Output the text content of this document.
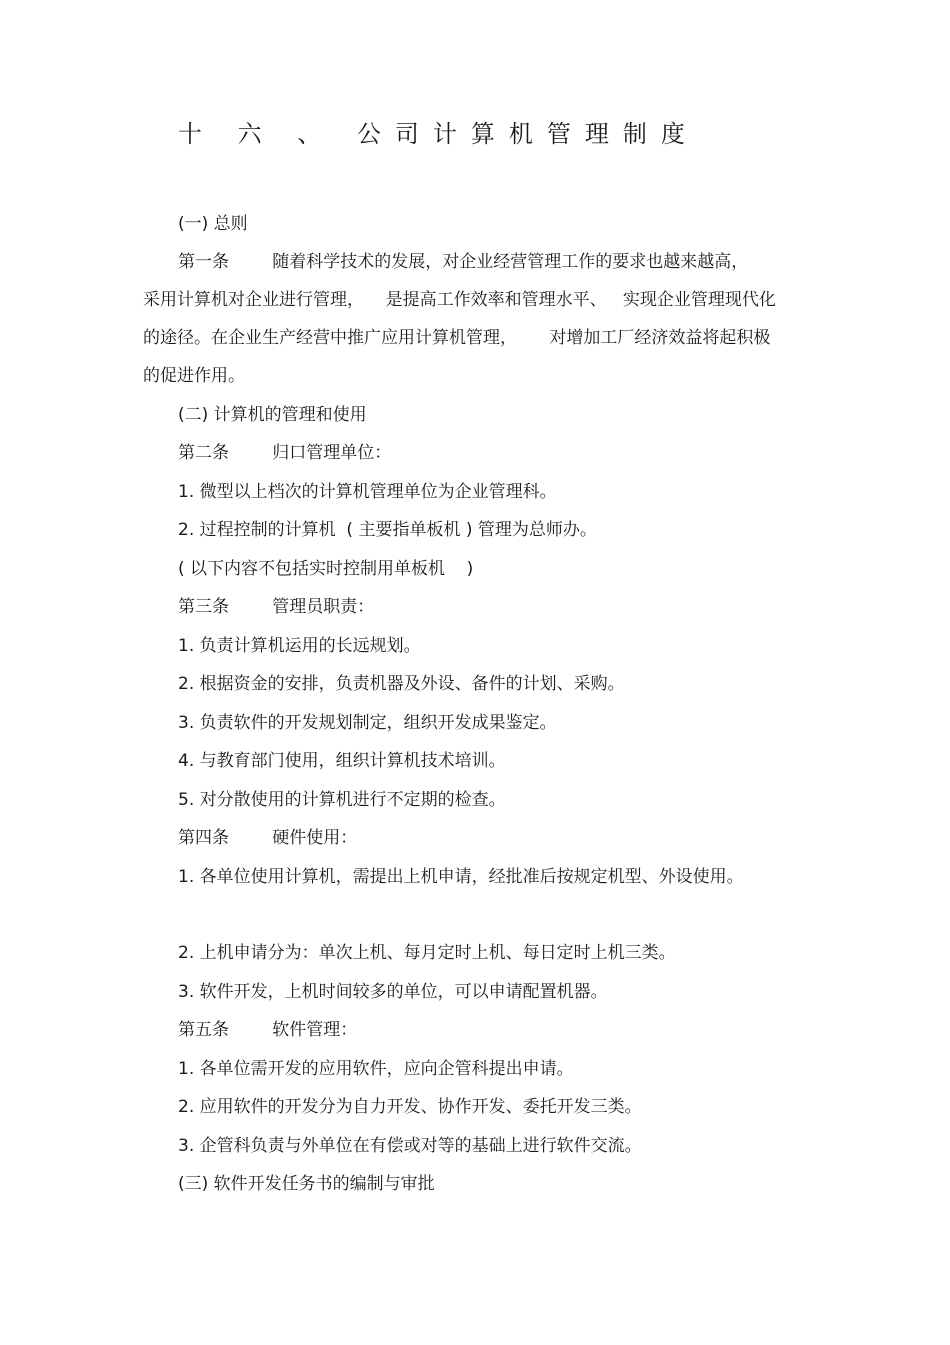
十 六 、 公司计算机管理制度
(一) 总则
第一条        随着科学技术的发展，对企业经营管理工作的要求也越来越高，
采用计算机对企业进行管理，    是提高工作效率和管理水平、   实现企业管理现代化
的途径。在企业生产经营中推广应用计算机管理，      对增加工厂经济效益将起积极
的促进作用。
(二) 计算机的管理和使用
第二条        归口管理单位：
1. 微型以上档次的计算机管理单位为企业管理科。
2. 过程控制的计算机  ( 主要指单板机 ) 管理为总师办。
( 以下内容不包括实时控制用单板机    )
第三条        管理员职责：
1. 负责计算机运用的长远规划。
2. 根据资金的安排，负责机器及外设、备件的计划、采购。
3. 负责软件的开发规划制定，组织开发成果鉴定。
4. 与教育部门使用，组织计算机技术培训。
5. 对分散使用的计算机进行不定期的检查。
第四条        硬件使用：
1. 各单位使用计算机，需提出上机申请，经批准后按规定机型、外设使用。
2. 上机申请分为：单次上机、每月定时上机、每日定时上机三类。
3. 软件开发，上机时间较多的单位，可以申请配置机器。
第五条        软件管理：
1. 各单位需开发的应用软件，应向企管科提出申请。
2. 应用软件的开发分为自力开发、协作开发、委托开发三类。
3. 企管科负责与外单位在有偿或对等的基础上进行软件交流。
(三) 软件开发任务书的编制与审批
